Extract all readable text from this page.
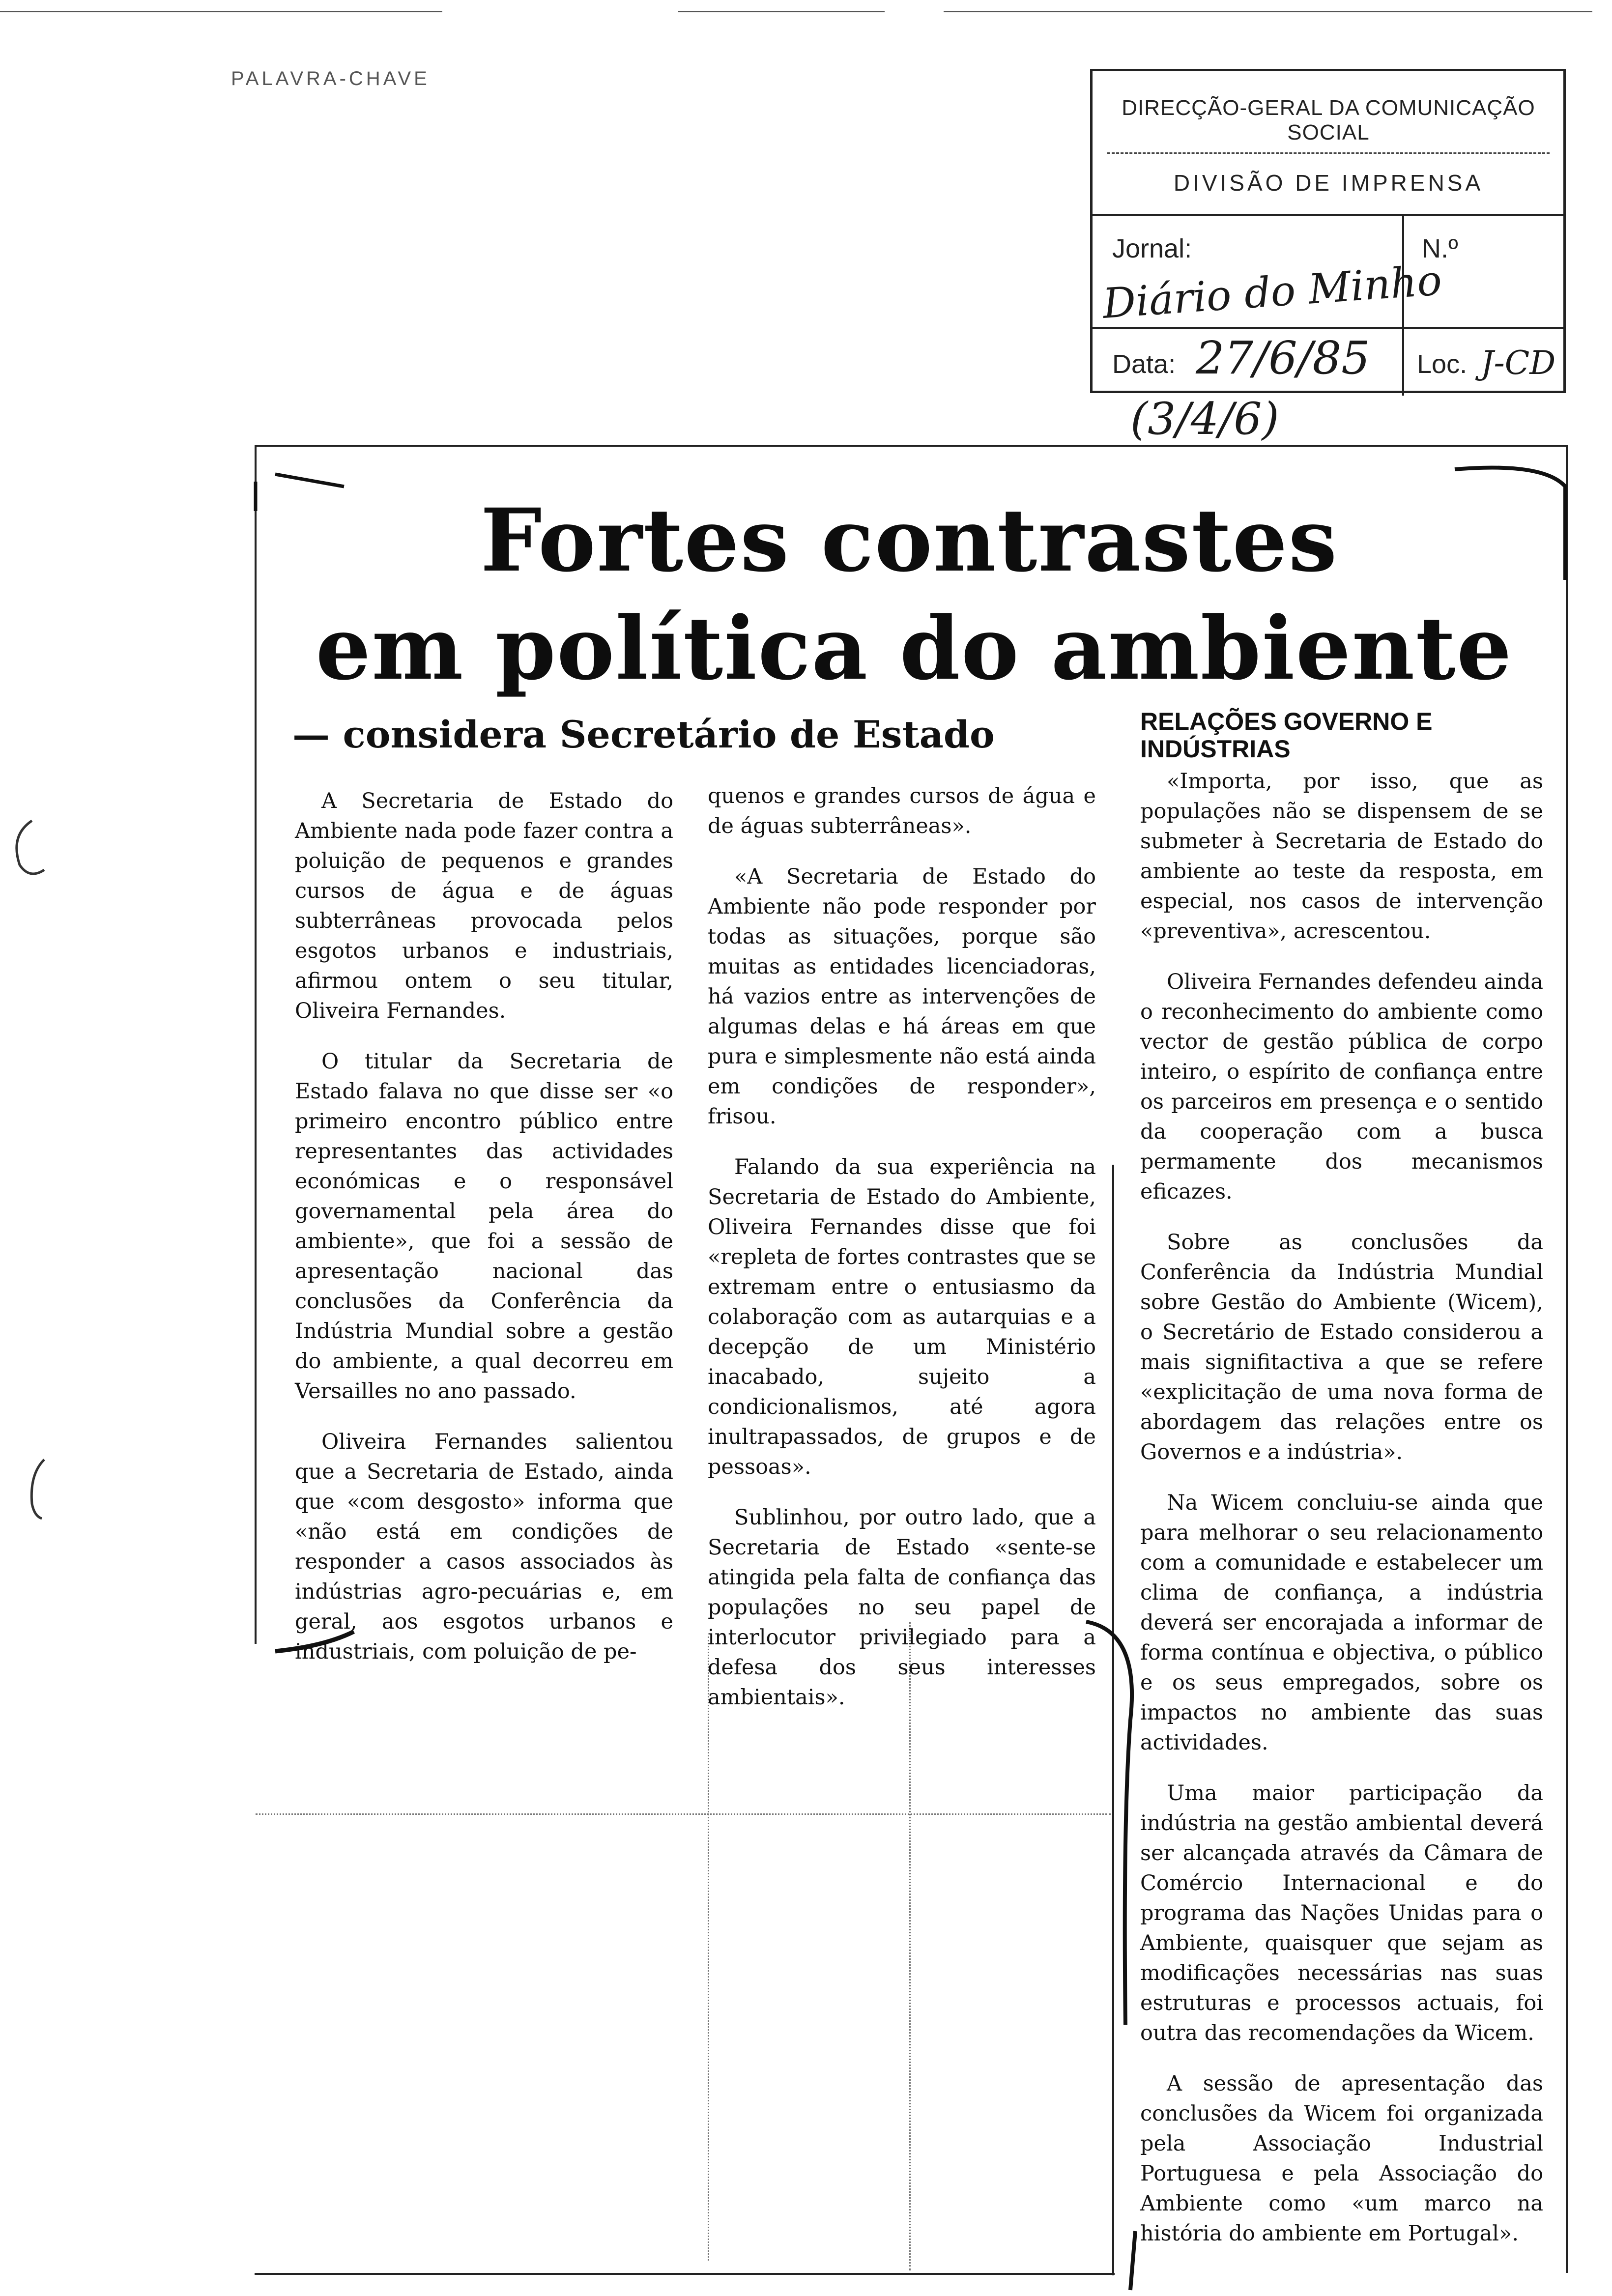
PALAVRA-CHAVE
DIRECÇÃO-GERAL DA COMUNICAÇÃO SOCIAL
DIVISÃO DE IMPRENSA
Jornal:
Diário do Minho
N.º
Data: 27/6/85 Loc. J-CD
(3/4/6)
Fortes contrastes
em política do ambiente
— considera Secretário de Estado

A Secretaria de Estado do Ambiente nada pode fazer contra a poluição de pequenos e grandes cursos de água e de águas subterrâneas provocada pelos esgotos urbanos e industriais, afirmou ontem o seu titular, Oliveira Fernandes.

O titular da Secretaria de Estado falava no que disse ser «o primeiro encontro público entre representantes das actividades económicas e o responsável governamental pela área do ambiente», que foi a sessão de apresentação nacional das conclusões da Conferência da Indústria Mundial sobre a gestão do ambiente, a qual decorreu em Versailles no ano passado.

Oliveira Fernandes salientou que a Secretaria de Estado, ainda que «com desgosto» informa que «não está em condições de responder a casos associados às indústrias agro-pecuárias e, em geral, aos esgotos urbanos e industriais, com poluição de pe-

quenos e grandes cursos de água e de águas subterrâneas».

«A Secretaria de Estado do Ambiente não pode responder por todas as situações, porque são muitas as entidades licenciadoras, há vazios entre as intervenções de algumas delas e há áreas em que pura e simplesmente não está ainda em condições de responder», frisou.

Falando da sua experiência na Secretaria de Estado do Ambiente, Oliveira Fernandes disse que foi «repleta de fortes contrastes que se extremam entre o entusiasmo da colaboração com as autarquias e a decepção de um Ministério inacabado, sujeito a condicionalismos, até agora inultrapassados, de grupos e de pessoas».

Sublinhou, por outro lado, que a Secretaria de Estado «sente-se atingida pela falta de confiança das populações no seu papel de interlocutor privilegiado para a defesa dos seus interesses ambientais».

RELAÇÕES GOVERNO E INDÚSTRIAS

«Importa, por isso, que as populações não se dispensem de se submeter à Secretaria de Estado do ambiente ao teste da resposta, em especial, nos casos de intervenção «preventiva», acrescentou.

Oliveira Fernandes defendeu ainda o reconhecimento do ambiente como vector de gestão pública de corpo inteiro, o espírito de confiança entre os parceiros em presença e o sentido da cooperação com a busca permamente dos mecanismos eficazes.

Sobre as conclusões da Conferência da Indústria Mundial sobre Gestão do Ambiente (Wicem), o Secretário de Estado considerou a mais signifitactiva a que se refere «explicitação de uma nova forma de abordagem das relações entre os Governos e a indústria».

Na Wicem concluiu-se ainda que para melhorar o seu relacionamento com a comunidade e estabelecer um clima de confiança, a indústria deverá ser encorajada a informar de forma contínua e objectiva, o público e os seus empregados, sobre os impactos no ambiente das suas actividades.

Uma maior participação da indústria na gestão ambiental deverá ser alcançada através da Câmara de Comércio Internacional e do programa das Nações Unidas para o Ambiente, quaisquer que sejam as modificações necessárias nas suas estruturas e processos actuais, foi outra das recomendações da Wicem.

A sessão de apresentação das conclusões da Wicem foi organizada pela Associação Industrial Portuguesa e pela Associação do Ambiente como «um marco na história do ambiente em Portugal».
